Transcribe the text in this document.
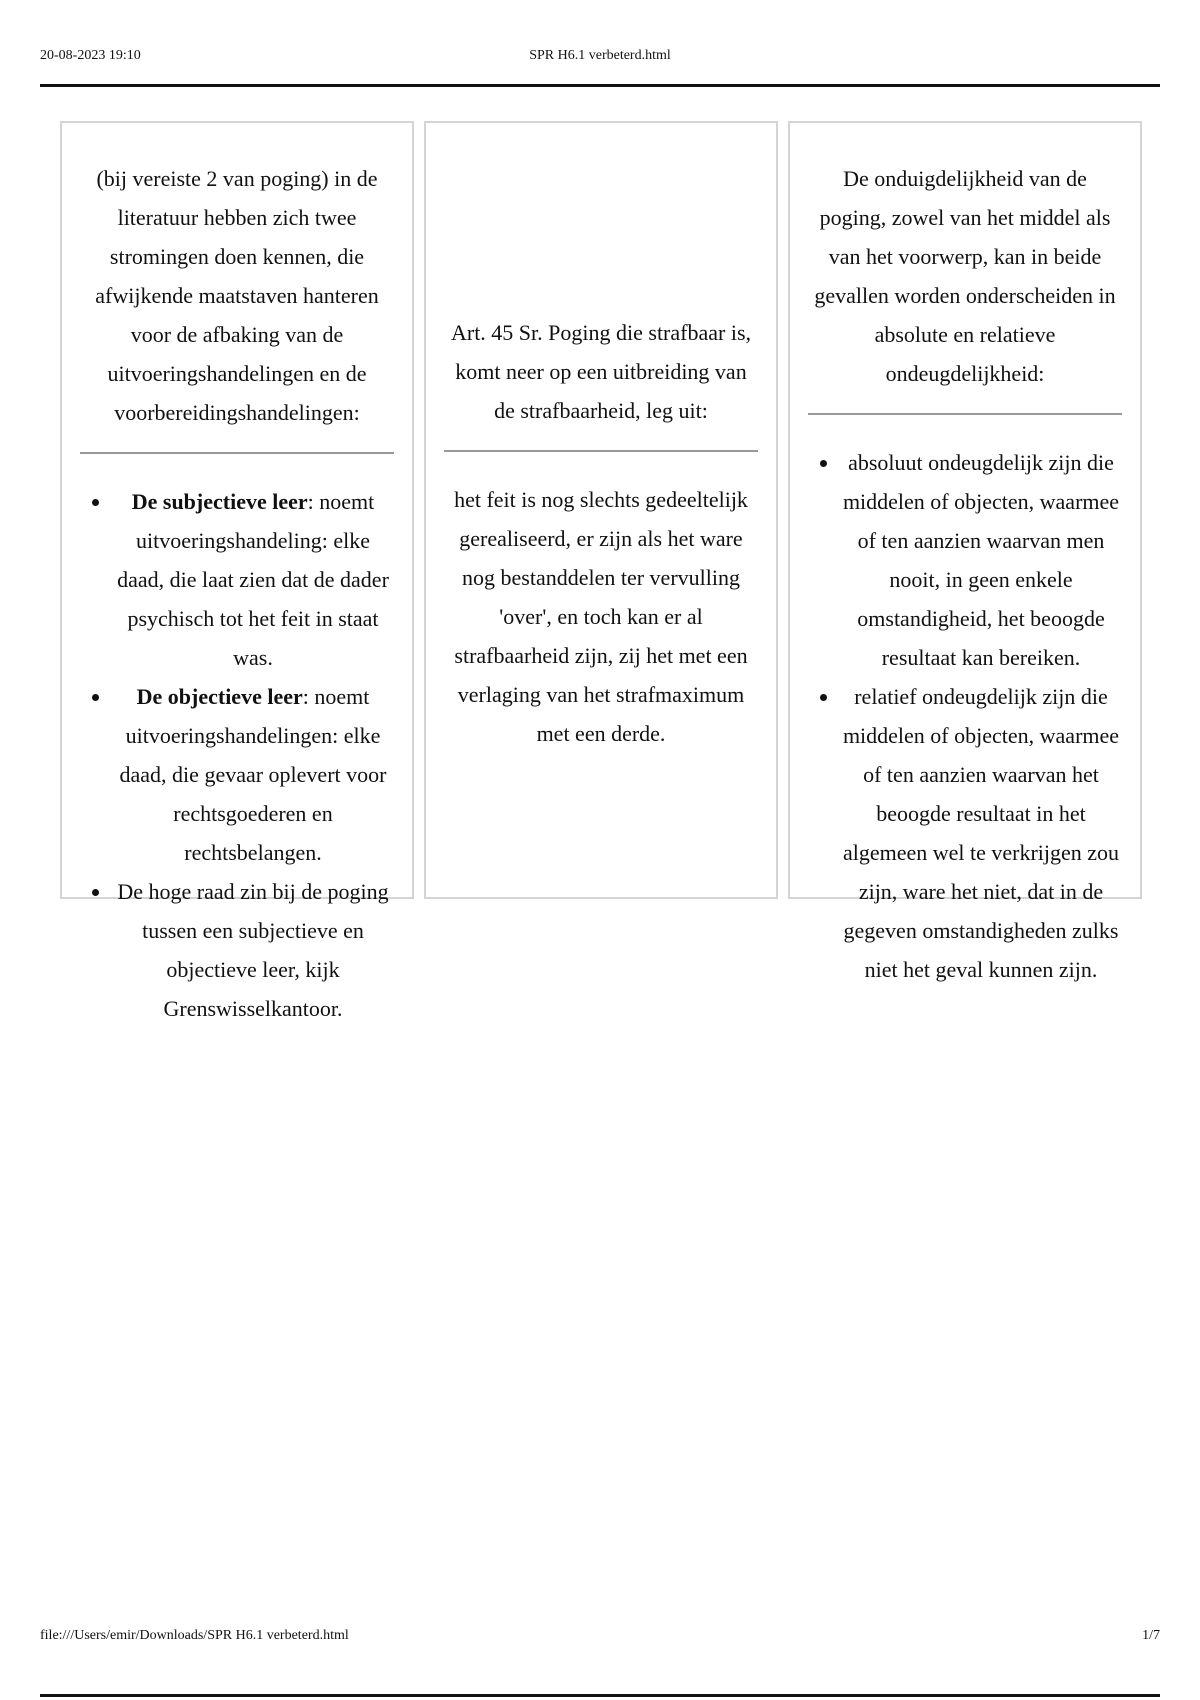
20-08-2023 19:10	SPR H6.1 verbeterd.html

(bij vereiste 2 van poging) in de literatuur hebben zich twee stromingen doen kennen, die afwijkende maatstaven hanteren voor de afbaking van de uitvoeringshandelingen en de voorbereidingshandelingen:

• De subjectieve leer: noemt uitvoeringshandeling: elke daad, die laat zien dat de dader psychisch tot het feit in staat was.
• De objectieve leer: noemt uitvoeringshandelingen: elke daad, die gevaar oplevert voor rechtsgoederen en rechtsbelangen.
• De hoge raad zin bij de poging tussen een subjectieve en objectieve leer, kijk Grenswisselkantoor.

Art. 45 Sr. Poging die strafbaar is, komt neer op een uitbreiding van de strafbaarheid, leg uit:

het feit is nog slechts gedeeltelijk gerealiseerd, er zijn als het ware nog bestanddelen ter vervulling 'over', en toch kan er al strafbaarheid zijn, zij het met een verlaging van het strafmaximum met een derde.

De onduigdelijkheid van de poging, zowel van het middel als van het voorwerp, kan in beide gevallen worden onderscheiden in absolute en relatieve ondeugdelijkheid:

• absoluut ondeugdelijk zijn die middelen of objecten, waarmee of ten aanzien waarvan men nooit, in geen enkele omstandigheid, het beoogde resultaat kan bereiken.
• relatief ondeugdelijk zijn die middelen of objecten, waarmee of ten aanzien waarvan het beoogde resultaat in het algemeen wel te verkrijgen zou zijn, ware het niet, dat in de gegeven omstandigheden zulks niet het geval kunnen zijn.
file:///Users/emir/Downloads/SPR H6.1 verbeterd.html	1/7
